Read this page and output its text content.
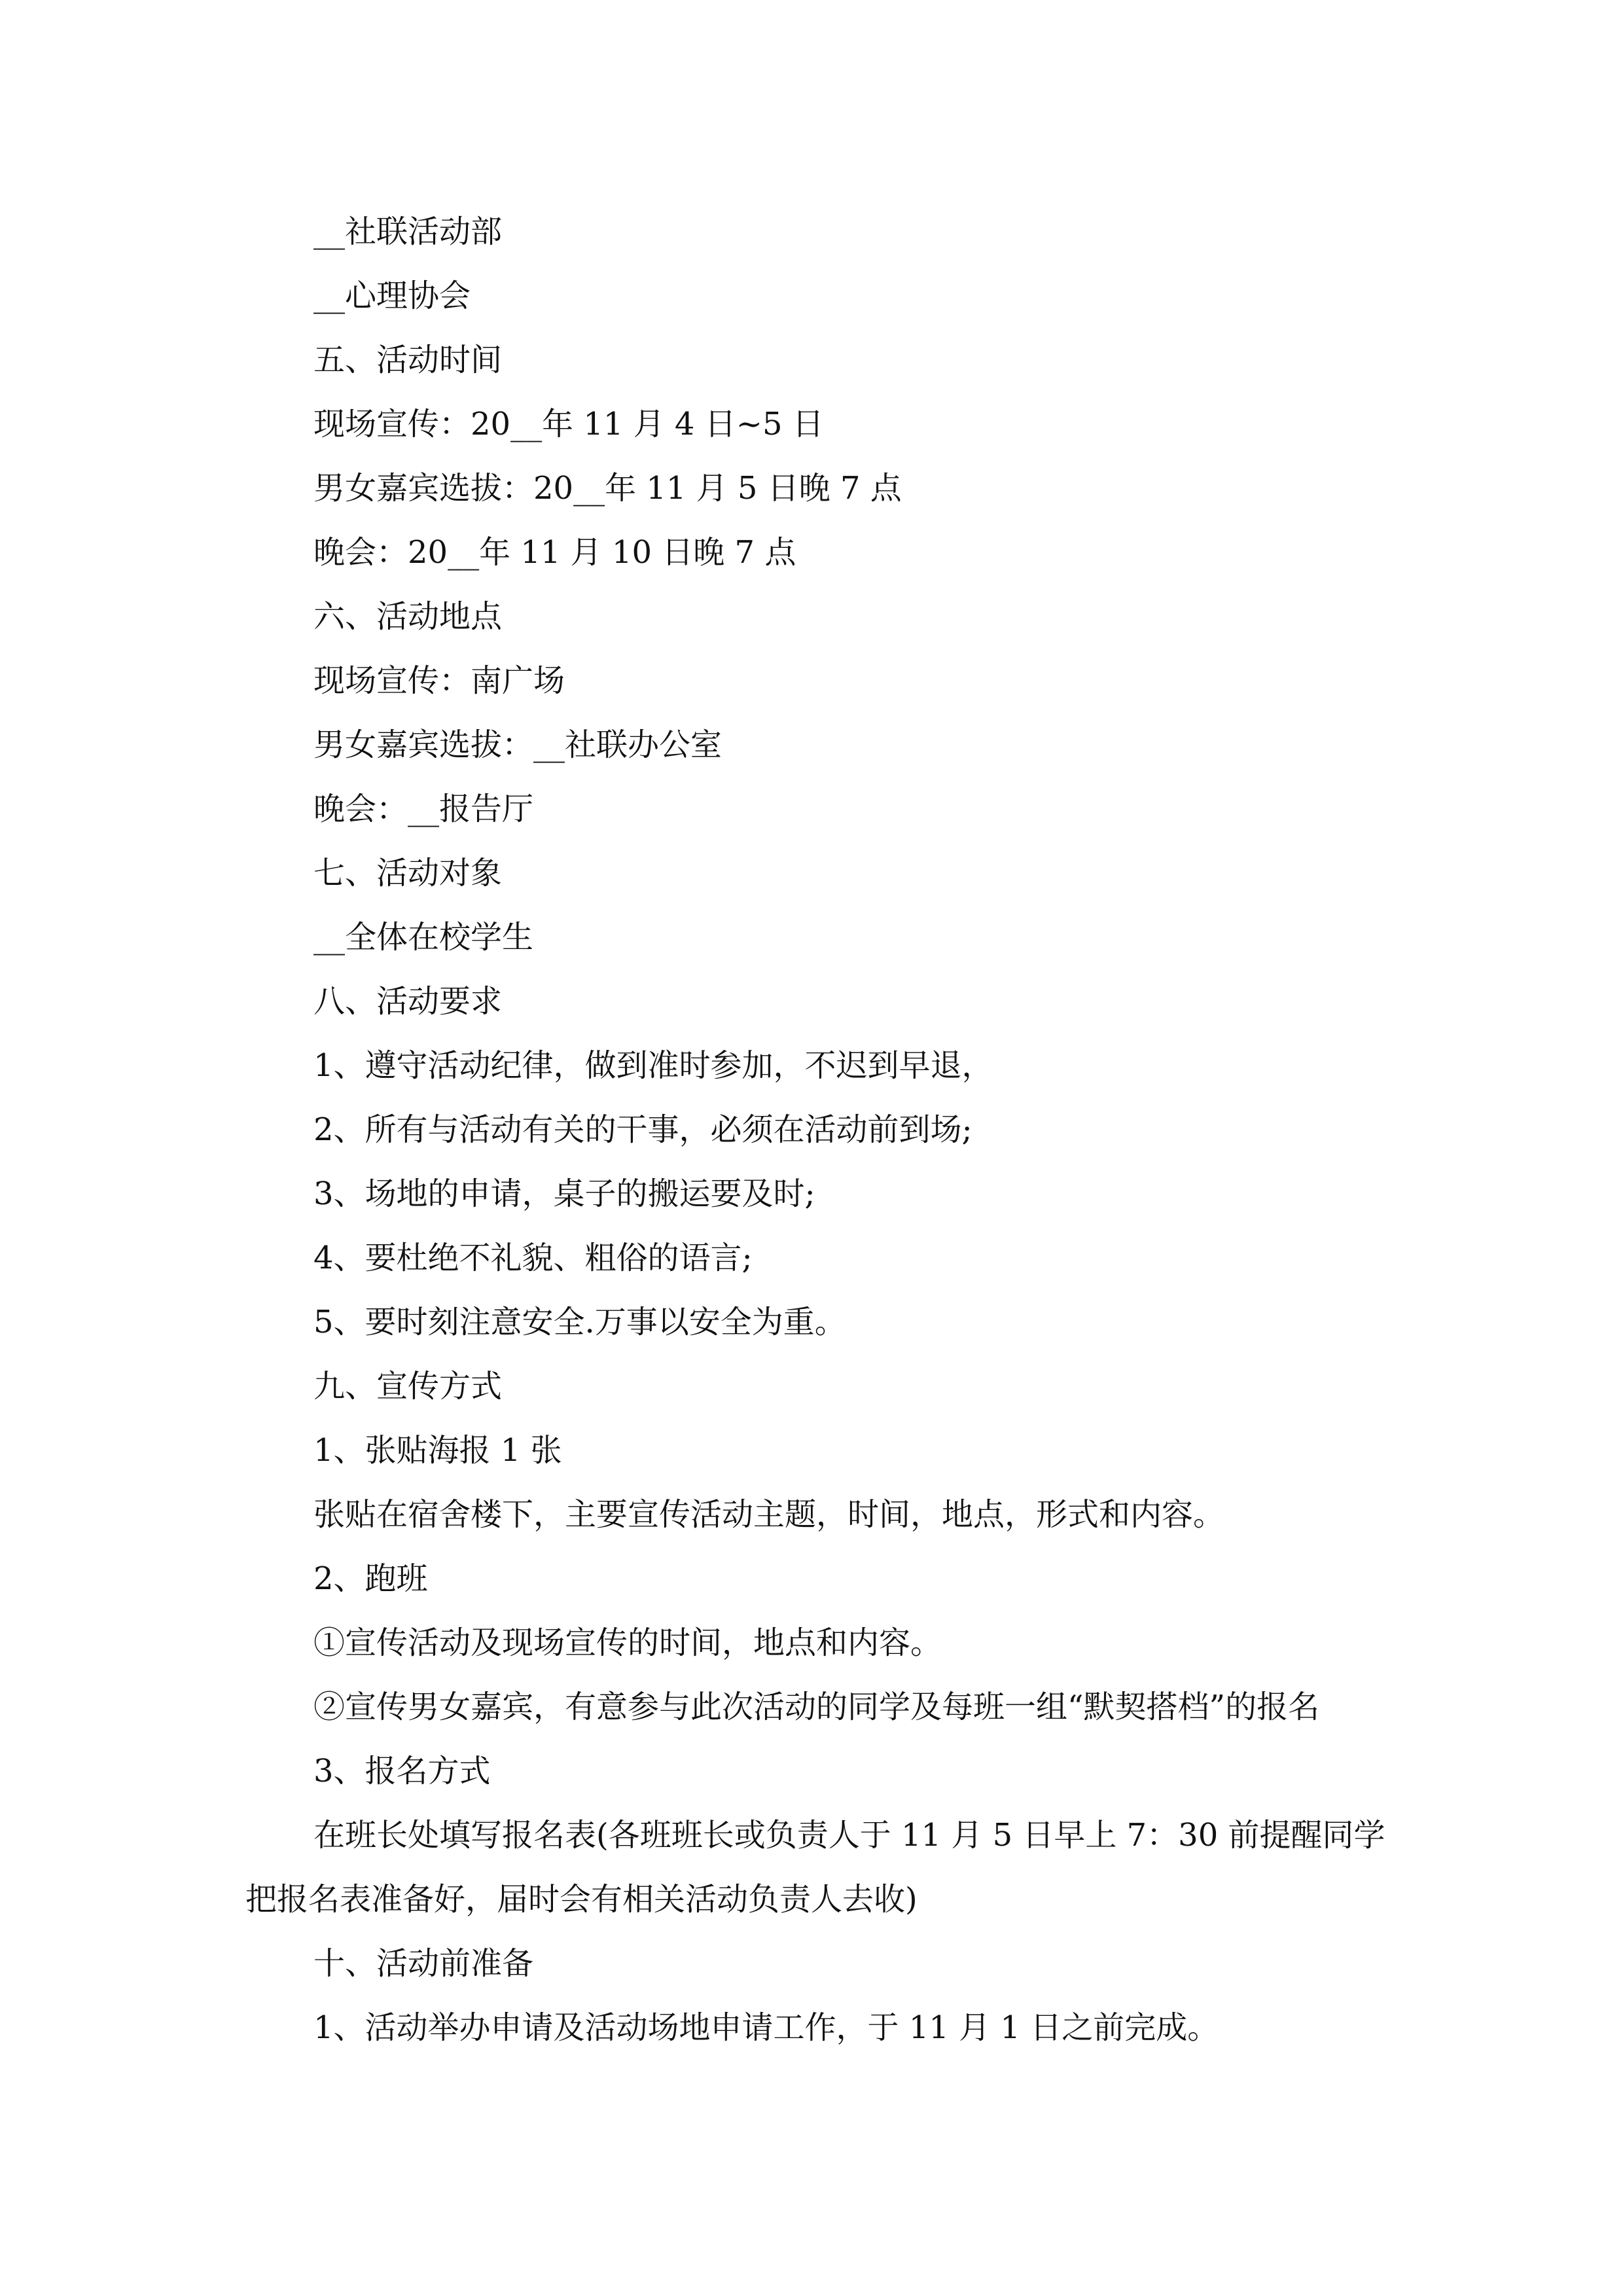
__社联活动部
__心理协会
五、活动时间
现场宣传：20__年 11 月 4 日~5 日
男女嘉宾选拔：20__年 11 月 5 日晚 7 点
晚会：20__年 11 月 10 日晚 7 点
六、活动地点
现场宣传：南广场
男女嘉宾选拔：__社联办公室
晚会：__报告厅
七、活动对象
__全体在校学生
八、活动要求
1、遵守活动纪律，做到准时参加，不迟到早退，
2、所有与活动有关的干事，必须在活动前到场;
3、场地的申请，桌子的搬运要及时;
4、要杜绝不礼貌、粗俗的语言;
5、要时刻注意安全.万事以安全为重。
九、宣传方式
1、张贴海报 1 张
张贴在宿舍楼下，主要宣传活动主题，时间，地点，形式和内容。
2、跑班
①宣传活动及现场宣传的时间，地点和内容。
②宣传男女嘉宾，有意参与此次活动的同学及每班一组“默契搭档”的报名
3、报名方式
在班长处填写报名表(各班班长或负责人于 11 月 5 日早上 7：30 前提醒同学
把报名表准备好，届时会有相关活动负责人去收)
十、活动前准备
1、活动举办申请及活动场地申请工作，于 11 月 1 日之前完成。
